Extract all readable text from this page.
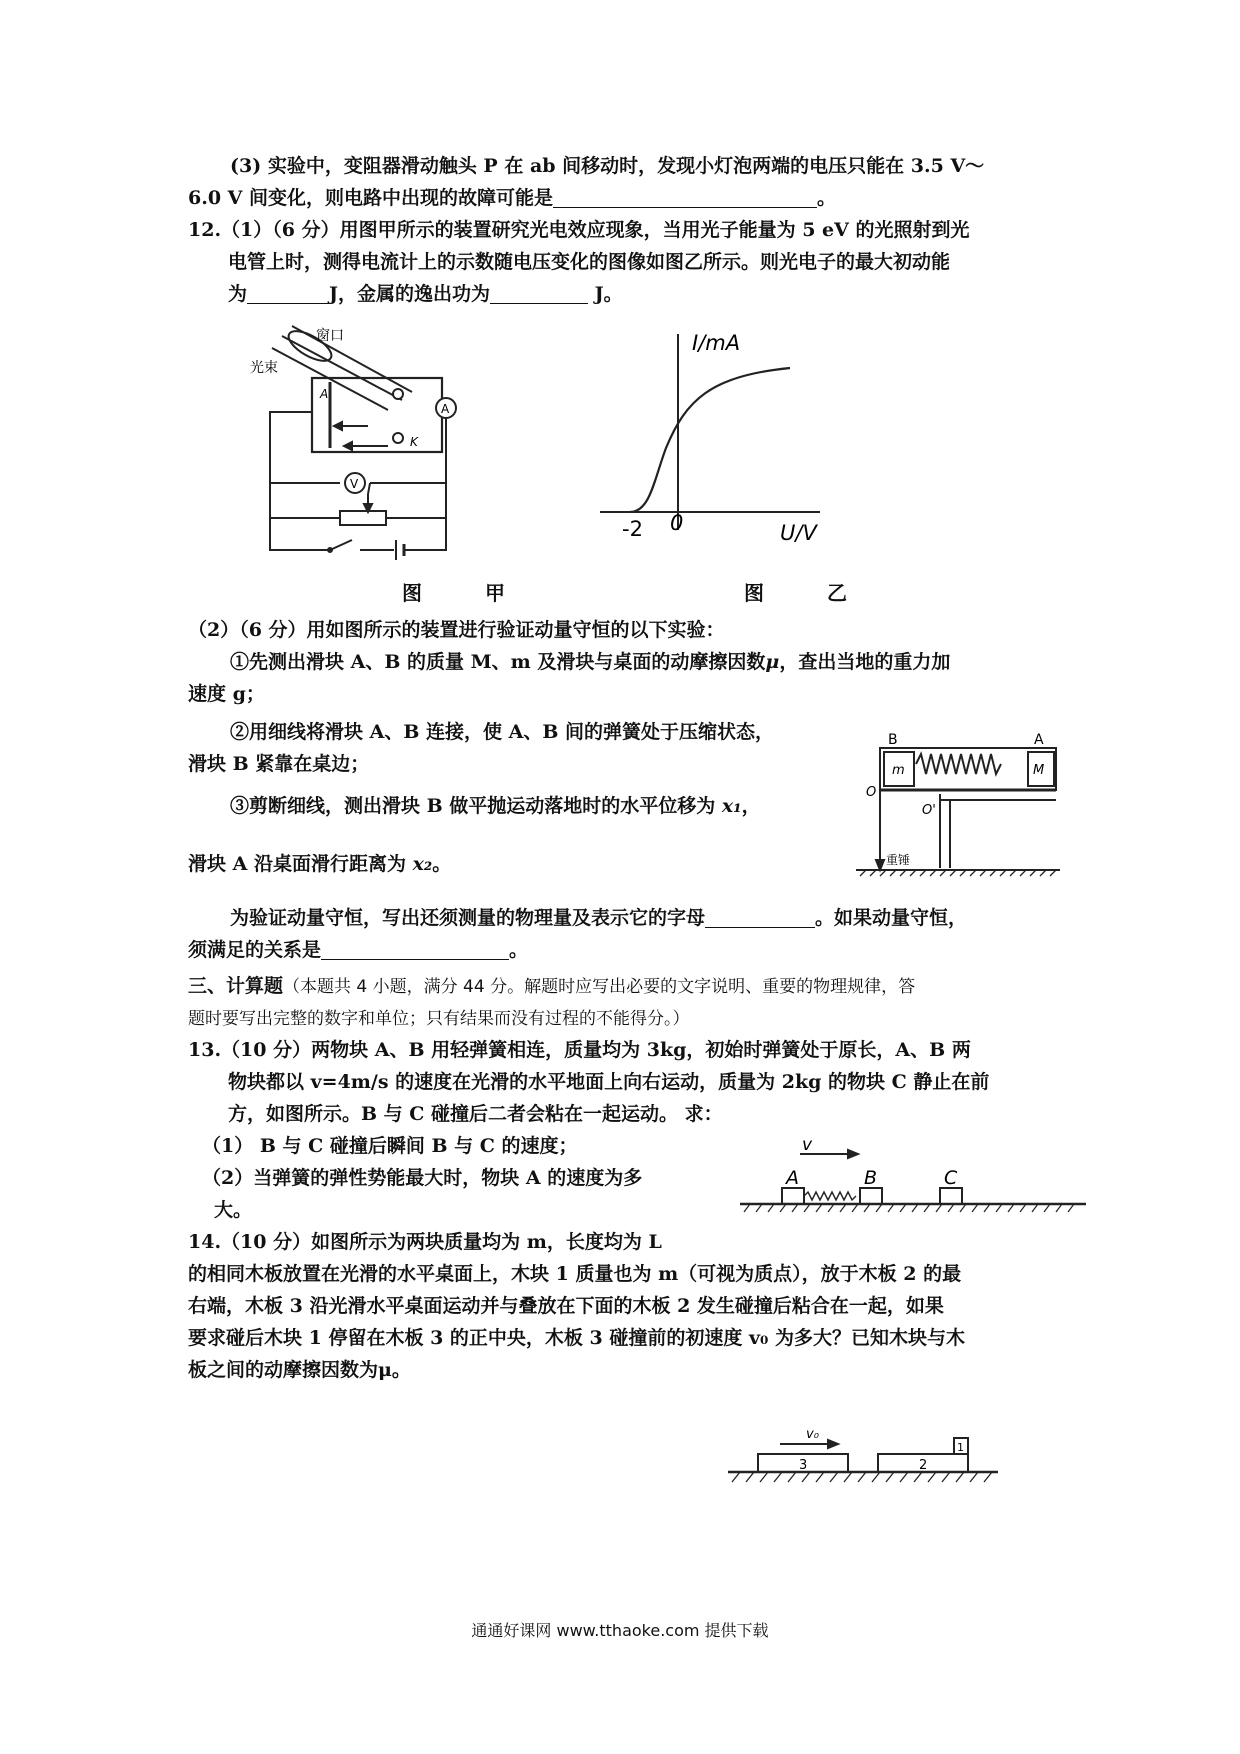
(3) 实验中，变阻器滑动触头 P 在 ab 间移动时，发现小灯泡两端的电压只能在 3.5 V～

6.0 V 间变化，则电路中出现的故障可能是	。

12.（1）（6 分）用图甲所示的装置研究光电效应现象，当用光子能量为 5 eV 的光照射到光

电管上时，测得电流计上的示数随电压变化的图像如图乙所示。则光电子的最大初动能

为	J，金属的逸出功为	J。

窗口
光束
A
K
A
V
图 甲
I/mA
U/V
-2 0
图 乙

（2）（6 分）用如图所示的装置进行验证动量守恒的以下实验：

①先测出滑块 A、B 的质量 M、m 及滑块与桌面的动摩擦因数μ，查出当地的重力加

速度 g；

②用细线将滑块 A、B 连接，使 A、B 间的弹簧处于压缩状态，

滑块 B 紧靠在桌边；

③剪断细线，测出滑块 B 做平抛运动落地时的水平位移为 x₁，

滑块 A 沿桌面滑行距离为 x₂。

为验证动量守恒，写出还须测量的物理量及表示它的字母	。如果动量守恒，

须满足的关系是	。

B	A
m	M
O
O'
重锤

三、计算题（本题共 4 小题，满分 44 分。解题时应写出必要的文字说明、重要的物理规律，答

题时要写出完整的数字和单位；只有结果而没有过程的不能得分。）

13.（10 分）两物块 A、B 用轻弹簧相连，质量均为 3kg，初始时弹簧处于原长，A、B 两

物块都以 v=4m/s 的速度在光滑的水平地面上向右运动，质量为 2kg 的物块 C 静止在前

方，如图所示。B 与 C 碰撞后二者会粘在一起运动。 求：

（1） B 与 C 碰撞后瞬间 B 与 C 的速度；

（2）当弹簧的弹性势能最大时，物块 A 的速度为多

大。

v
A	B	C

14.（10 分）如图所示为两块质量均为 m，长度均为 L

的相同木板放置在光滑的水平桌面上，木块 1 质量也为 m（可视为质点），放于木板 2 的最

右端，木板 3 沿光滑水平桌面运动并与叠放在下面的木板 2 发生碰撞后粘合在一起，如果

要求碰后木块 1 停留在木板 3 的正中央，木板 3 碰撞前的初速度 v₀ 为多大？已知木块与木

板之间的动摩擦因数为μ。

v₀
3	2
1
通通好课网 www.tthaoke.com 提供下载
